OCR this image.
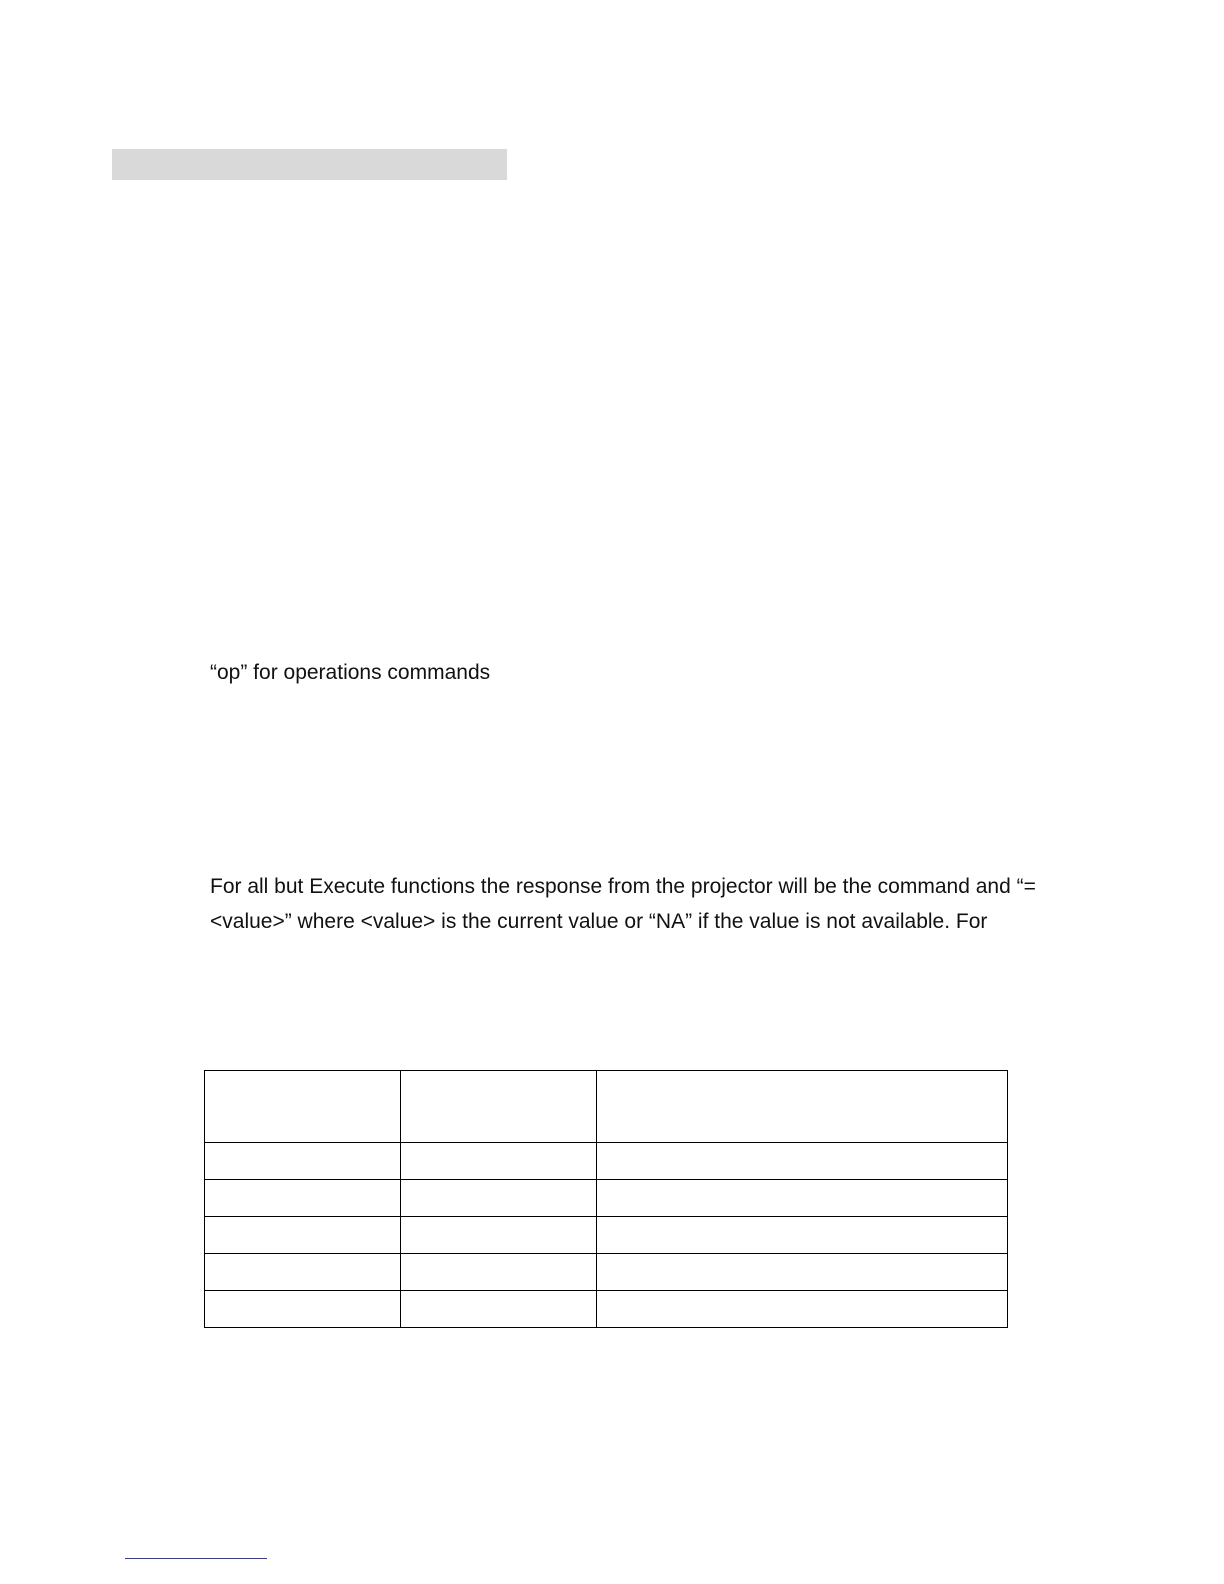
“op” for operations commands

For all but Execute functions the response from the projector will be the command and “=

<value>” where <value> is the current value or “NA” if the value is not available. For
